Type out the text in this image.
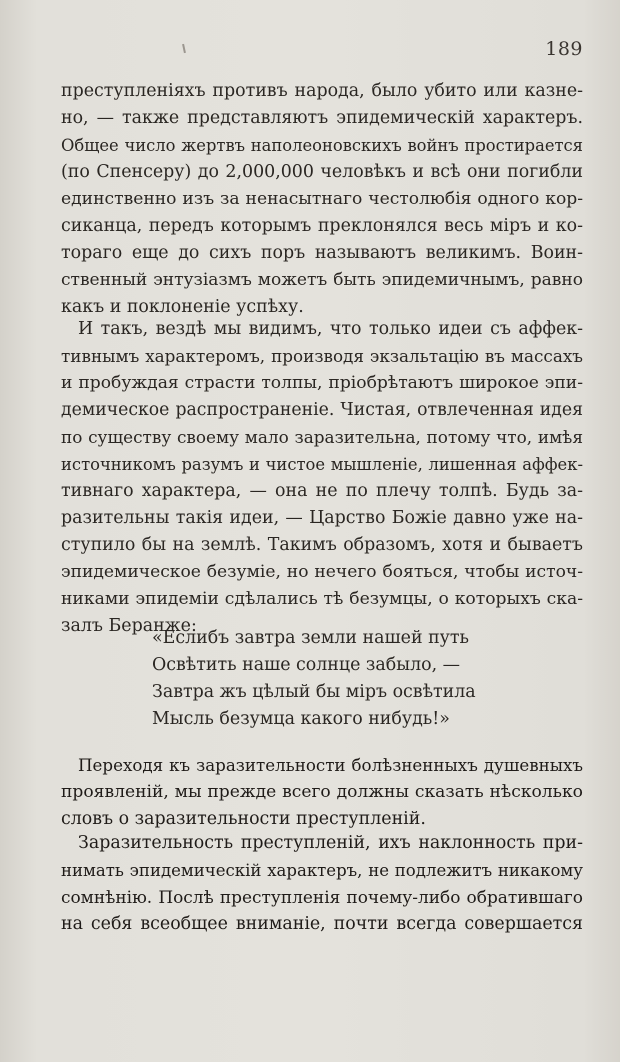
189
преступленіяхъ противъ народа, было убито или казне-
но, — также представляютъ эпидемическій характеръ.
Общее число жертвъ наполеоновскихъ войнъ простирается
(по Спенсеру) до 2,000,000 человѣкъ и всѣ они погибли
единственно изъ за ненасытнаго честолюбія одного кор-
сиканца, передъ которымъ преклонялся весь міръ и ко-
тораго еще до сихъ поръ называютъ великимъ. Воин-
ственный энтузіазмъ можетъ быть эпидемичнымъ, равно
какъ и поклоненіе успѣху.
И такъ, вездѣ мы видимъ, что только идеи съ аффек-
тивнымъ характеромъ, производя экзальтацію въ массахъ
и пробуждая страсти толпы, пріобрѣтаютъ широкое эпи-
демическое распространеніе. Чистая, отвлеченная идея
по существу своему мало заразительна, потому что, имѣя
источникомъ разумъ и чистое мышленіе, лишенная аффек-
тивнаго характера, — она не по плечу толпѣ. Будь за-
разительны такія идеи, — Царство Божіе давно уже на-
ступило бы на землѣ. Такимъ образомъ, хотя и бываетъ
эпидемическое безуміе, но нечего бояться, чтобы источ-
никами эпидеміи сдѣлались тѣ безумцы, о которыхъ ска-
залъ Беранже:
«Еслибъ завтра земли нашей путь
Освѣтить наше солнце забыло, —
Завтра жъ цѣлый бы міръ освѣтила
Мысль безумца какого нибудь!»
Переходя къ заразительности болѣзненныхъ душевныхъ
проявленій, мы прежде всего должны сказать нѣсколько
словъ о заразительности преступленій.
Заразительность преступленій, ихъ наклонность при-
нимать эпидемическій характеръ, не подлежитъ никакому
сомнѣнію. Послѣ преступленія почему-либо обратившаго
на себя всеобщее вниманіе, почти всегда совершается
